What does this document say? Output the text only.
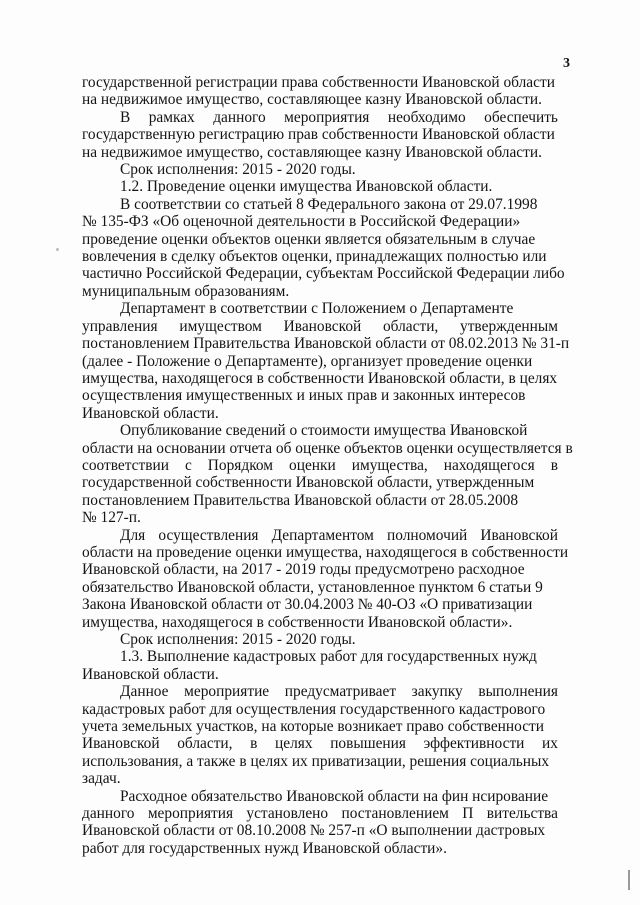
3

государственной регистрации права собственности Ивановской области
на недвижимое имущество, составляющее казну Ивановской области.

В рамках данного мероприятия необходимо обеспечить
государственную регистрацию прав собственности Ивановской области
на недвижимое имущество, составляющее казну Ивановской области.

Срок исполнения: 2015 - 2020 годы.

1.2. Проведение оценки имущества Ивановской области.

В соответствии со статьей 8 Федерального закона от 29.07.1998
№ 135-ФЗ «Об оценочной деятельности в Российской Федерации»
проведение оценки объектов оценки является обязательным в случае
вовлечения в сделку объектов оценки, принадлежащих полностью или
частично Российской Федерации, субъектам Российской Федерации либо
муниципальным образованиям.

Департамент в соответствии с Положением о Департаменте
управления имуществом Ивановской области, утвержденным
постановлением Правительства Ивановской области от 08.02.2013 № 31-п
(далее - Положение о Департаменте), организует проведение оценки
имущества, находящегося в собственности Ивановской области, в целях
осуществления имущественных и иных прав и законных интересов
Ивановской области.

Опубликование сведений о стоимости имущества Ивановской
области на основании отчета об оценке объектов оценки осуществляется в
соответствии с Порядком оценки имущества, находящегося в
государственной собственности Ивановской области, утвержденным
постановлением Правительства Ивановской области от 28.05.2008
№ 127-п.

Для осуществления Департаментом полномочий Ивановской
области на проведение оценки имущества, находящегося в собственности
Ивановской области, на 2017 - 2019 годы предусмотрено расходное
обязательство Ивановской области, установленное пунктом 6 статьи 9
Закона Ивановской области от 30.04.2003 № 40-ОЗ «О приватизации
имущества, находящегося в собственности Ивановской области».

Срок исполнения: 2015 - 2020 годы.

1.3. Выполнение кадастровых работ для государственных нужд
Ивановской области.

Данное мероприятие предусматривает закупку выполнения
кадастровых работ для осуществления государственного кадастрового
учета земельных участков, на которые возникает право собственности
Ивановской области, в целях повышения эффективности их
использования, а также в целях их приватизации, решения социальных
задач.

Расходное обязательство Ивановской области на фин нсирование
данного мероприятия установлено постановлением П вительства
Ивановской области от 08.10.2008 № 257-п «О выполнении дастровых
работ для государственных нужд Ивановской области».
